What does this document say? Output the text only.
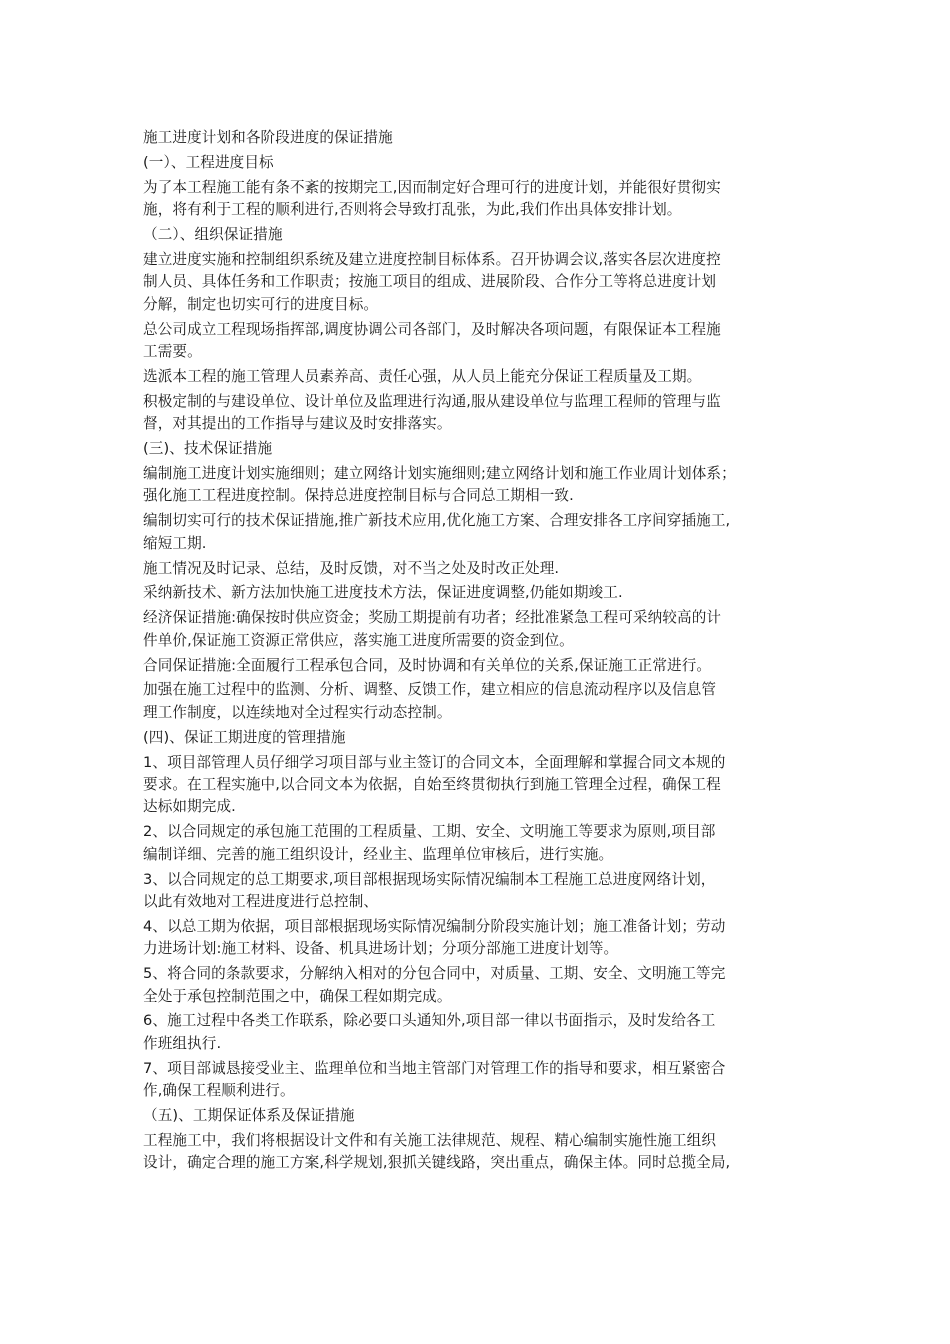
施工进度计划和各阶段进度的保证措施
(一）、工程进度目标
为了本工程施工能有条不紊的按期完工,因而制定好合理可行的进度计划，并能很好贯彻实
施，将有利于工程的顺利进行,否则将会导致打乱张，为此,我们作出具体安排计划。
（二）、组织保证措施
建立进度实施和控制组织系统及建立进度控制目标体系。召开协调会议,落实各层次进度控
制人员、具体任务和工作职责；按施工项目的组成、进展阶段、合作分工等将总进度计划
分解，制定也切实可行的进度目标。
总公司成立工程现场指挥部,调度协调公司各部门，及时解决各项问题，有限保证本工程施
工需要。
选派本工程的施工管理人员素养高、责任心强，从人员上能充分保证工程质量及工期。
积极定制的与建设单位、设计单位及监理进行沟通,服从建设单位与监理工程师的管理与监
督，对其提出的工作指导与建议及时安排落实。
(三)、技术保证措施
编制施工进度计划实施细则；建立网络计划实施细则;建立网络计划和施工作业周计划体系；
强化施工工程进度控制。保持总进度控制目标与合同总工期相一致.
编制切实可行的技术保证措施,推广新技术应用,优化施工方案、合理安排各工序间穿插施工,
缩短工期.
施工情况及时记录、总结，及时反馈，对不当之处及时改正处理.
采纳新技术、新方法加快施工进度技术方法，保证进度调整,仍能如期竣工.
经济保证措施:确保按时供应资金；奖励工期提前有功者；经批准紧急工程可采纳较高的计
件单价,保证施工资源正常供应，落实施工进度所需要的资金到位。
合同保证措施:全面履行工程承包合同，及时协调和有关单位的关系,保证施工正常进行。
加强在施工过程中的监测、分析、调整、反馈工作，建立相应的信息流动程序以及信息管
理工作制度，以连续地对全过程实行动态控制。
(四)、保证工期进度的管理措施
1、项目部管理人员仔细学习项目部与业主签订的合同文本，全面理解和掌握合同文本规的
要求。在工程实施中,以合同文本为依据，自始至终贯彻执行到施工管理全过程，确保工程
达标如期完成.
2、以合同规定的承包施工范围的工程质量、工期、安全、文明施工等要求为原则,项目部
编制详细、完善的施工组织设计，经业主、监理单位审核后，进行实施。
3、以合同规定的总工期要求,项目部根据现场实际情况编制本工程施工总进度网络计划，
以此有效地对工程进度进行总控制、
4、以总工期为依据，项目部根据现场实际情况编制分阶段实施计划；施工准备计划；劳动
力进场计划:施工材料、设备、机具进场计划；分项分部施工进度计划等。
5、将合同的条款要求，分解纳入相对的分包合同中，对质量、工期、安全、文明施工等完
全处于承包控制范围之中，确保工程如期完成。
6、施工过程中各类工作联系，除必要口头通知外,项目部一律以书面指示，及时发给各工
作班组执行.
7、项目部诚恳接受业主、监理单位和当地主管部门对管理工作的指导和要求，相互紧密合
作,确保工程顺利进行。
（五)、工期保证体系及保证措施
工程施工中，我们将根据设计文件和有关施工法律规范、规程、精心编制实施性施工组织
设计，确定合理的施工方案,科学规划,狠抓关键线路，突出重点，确保主体。同时总揽全局,
